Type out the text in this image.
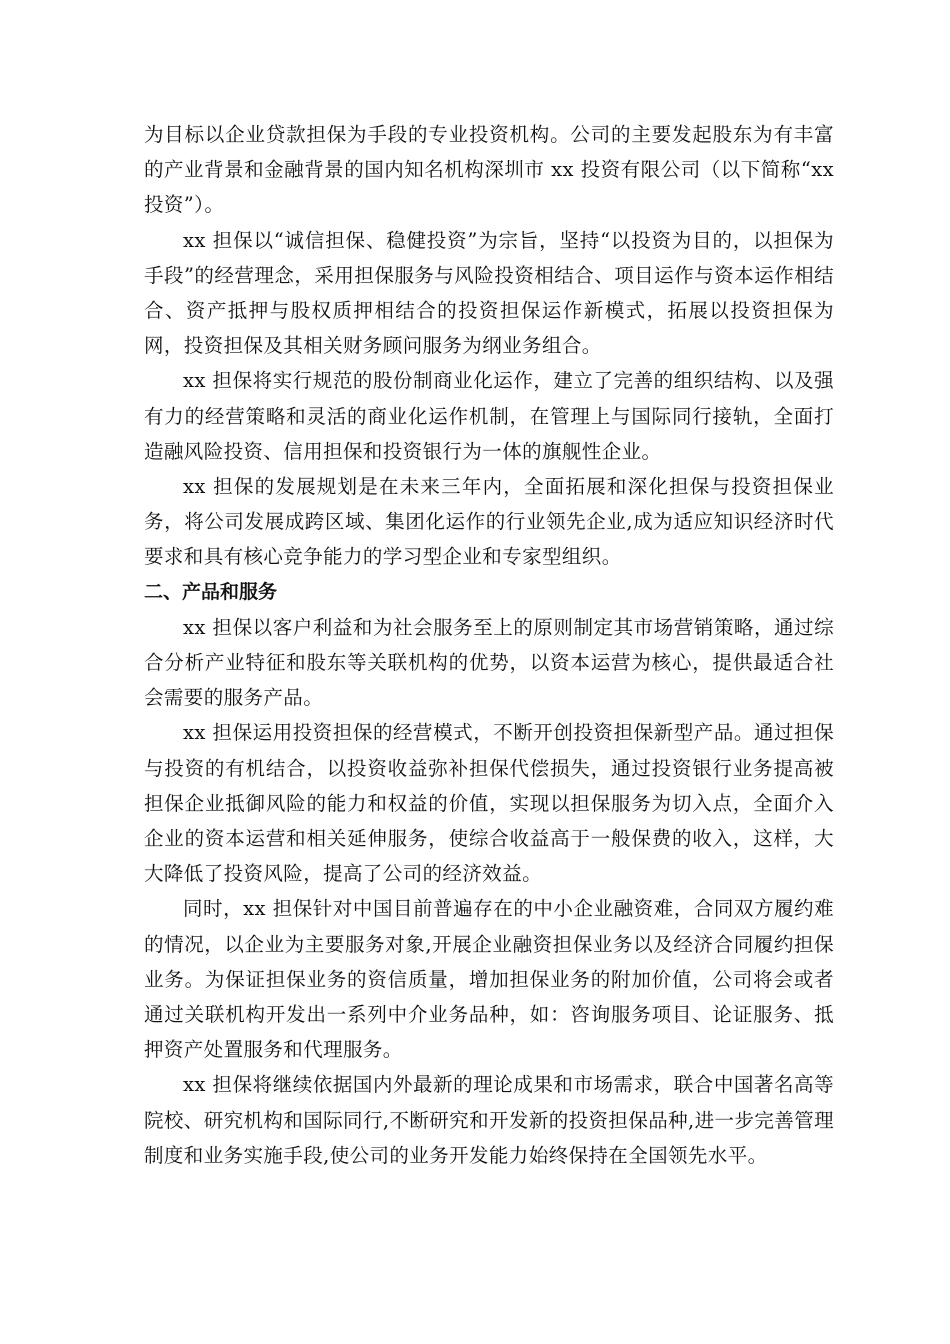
为目标以企业贷款担保为手段的专业投资机构。公司的主要发起股东为有丰富的产业背景和金融背景的国内知名机构深圳市 xx 投资有限公司（以下简称“xx 投资”）。

xx 担保以“诚信担保、稳健投资”为宗旨，坚持“以投资为目的，以担保为手段”的经营理念，采用担保服务与风险投资相结合、项目运作与资本运作相结合、资产抵押与股权质押相结合的投资担保运作新模式，拓展以投资担保为网，投资担保及其相关财务顾问服务为纲业务组合。

xx 担保将实行规范的股份制商业化运作，建立了完善的组织结构、以及强有力的经营策略和灵活的商业化运作机制，在管理上与国际同行接轨，全面打造融风险投资、信用担保和投资银行为一体的旗舰性企业。

xx 担保的发展规划是在未来三年内，全面拓展和深化担保与投资担保业务，将公司发展成跨区域、集团化运作的行业领先企业,成为适应知识经济时代要求和具有核心竞争能力的学习型企业和专家型组织。

二、产品和服务

xx 担保以客户利益和为社会服务至上的原则制定其市场营销策略，通过综合分析产业特征和股东等关联机构的优势，以资本运营为核心，提供最适合社会需要的服务产品。

xx 担保运用投资担保的经营模式，不断开创投资担保新型产品。通过担保与投资的有机结合，以投资收益弥补担保代偿损失，通过投资银行业务提高被担保企业抵御风险的能力和权益的价值，实现以担保服务为切入点，全面介入企业的资本运营和相关延伸服务，使综合收益高于一般保费的收入，这样，大大降低了投资风险，提高了公司的经济效益。

同时，xx 担保针对中国目前普遍存在的中小企业融资难，合同双方履约难的情况，以企业为主要服务对象,开展企业融资担保业务以及经济合同履约担保业务。为保证担保业务的资信质量，增加担保业务的附加价值，公司将会或者通过关联机构开发出一系列中介业务品种，如：咨询服务项目、论证服务、抵押资产处置服务和代理服务。

xx 担保将继续依据国内外最新的理论成果和市场需求，联合中国著名高等院校、研究机构和国际同行,不断研究和开发新的投资担保品种,进一步完善管理制度和业务实施手段,使公司的业务开发能力始终保持在全国领先水平。
